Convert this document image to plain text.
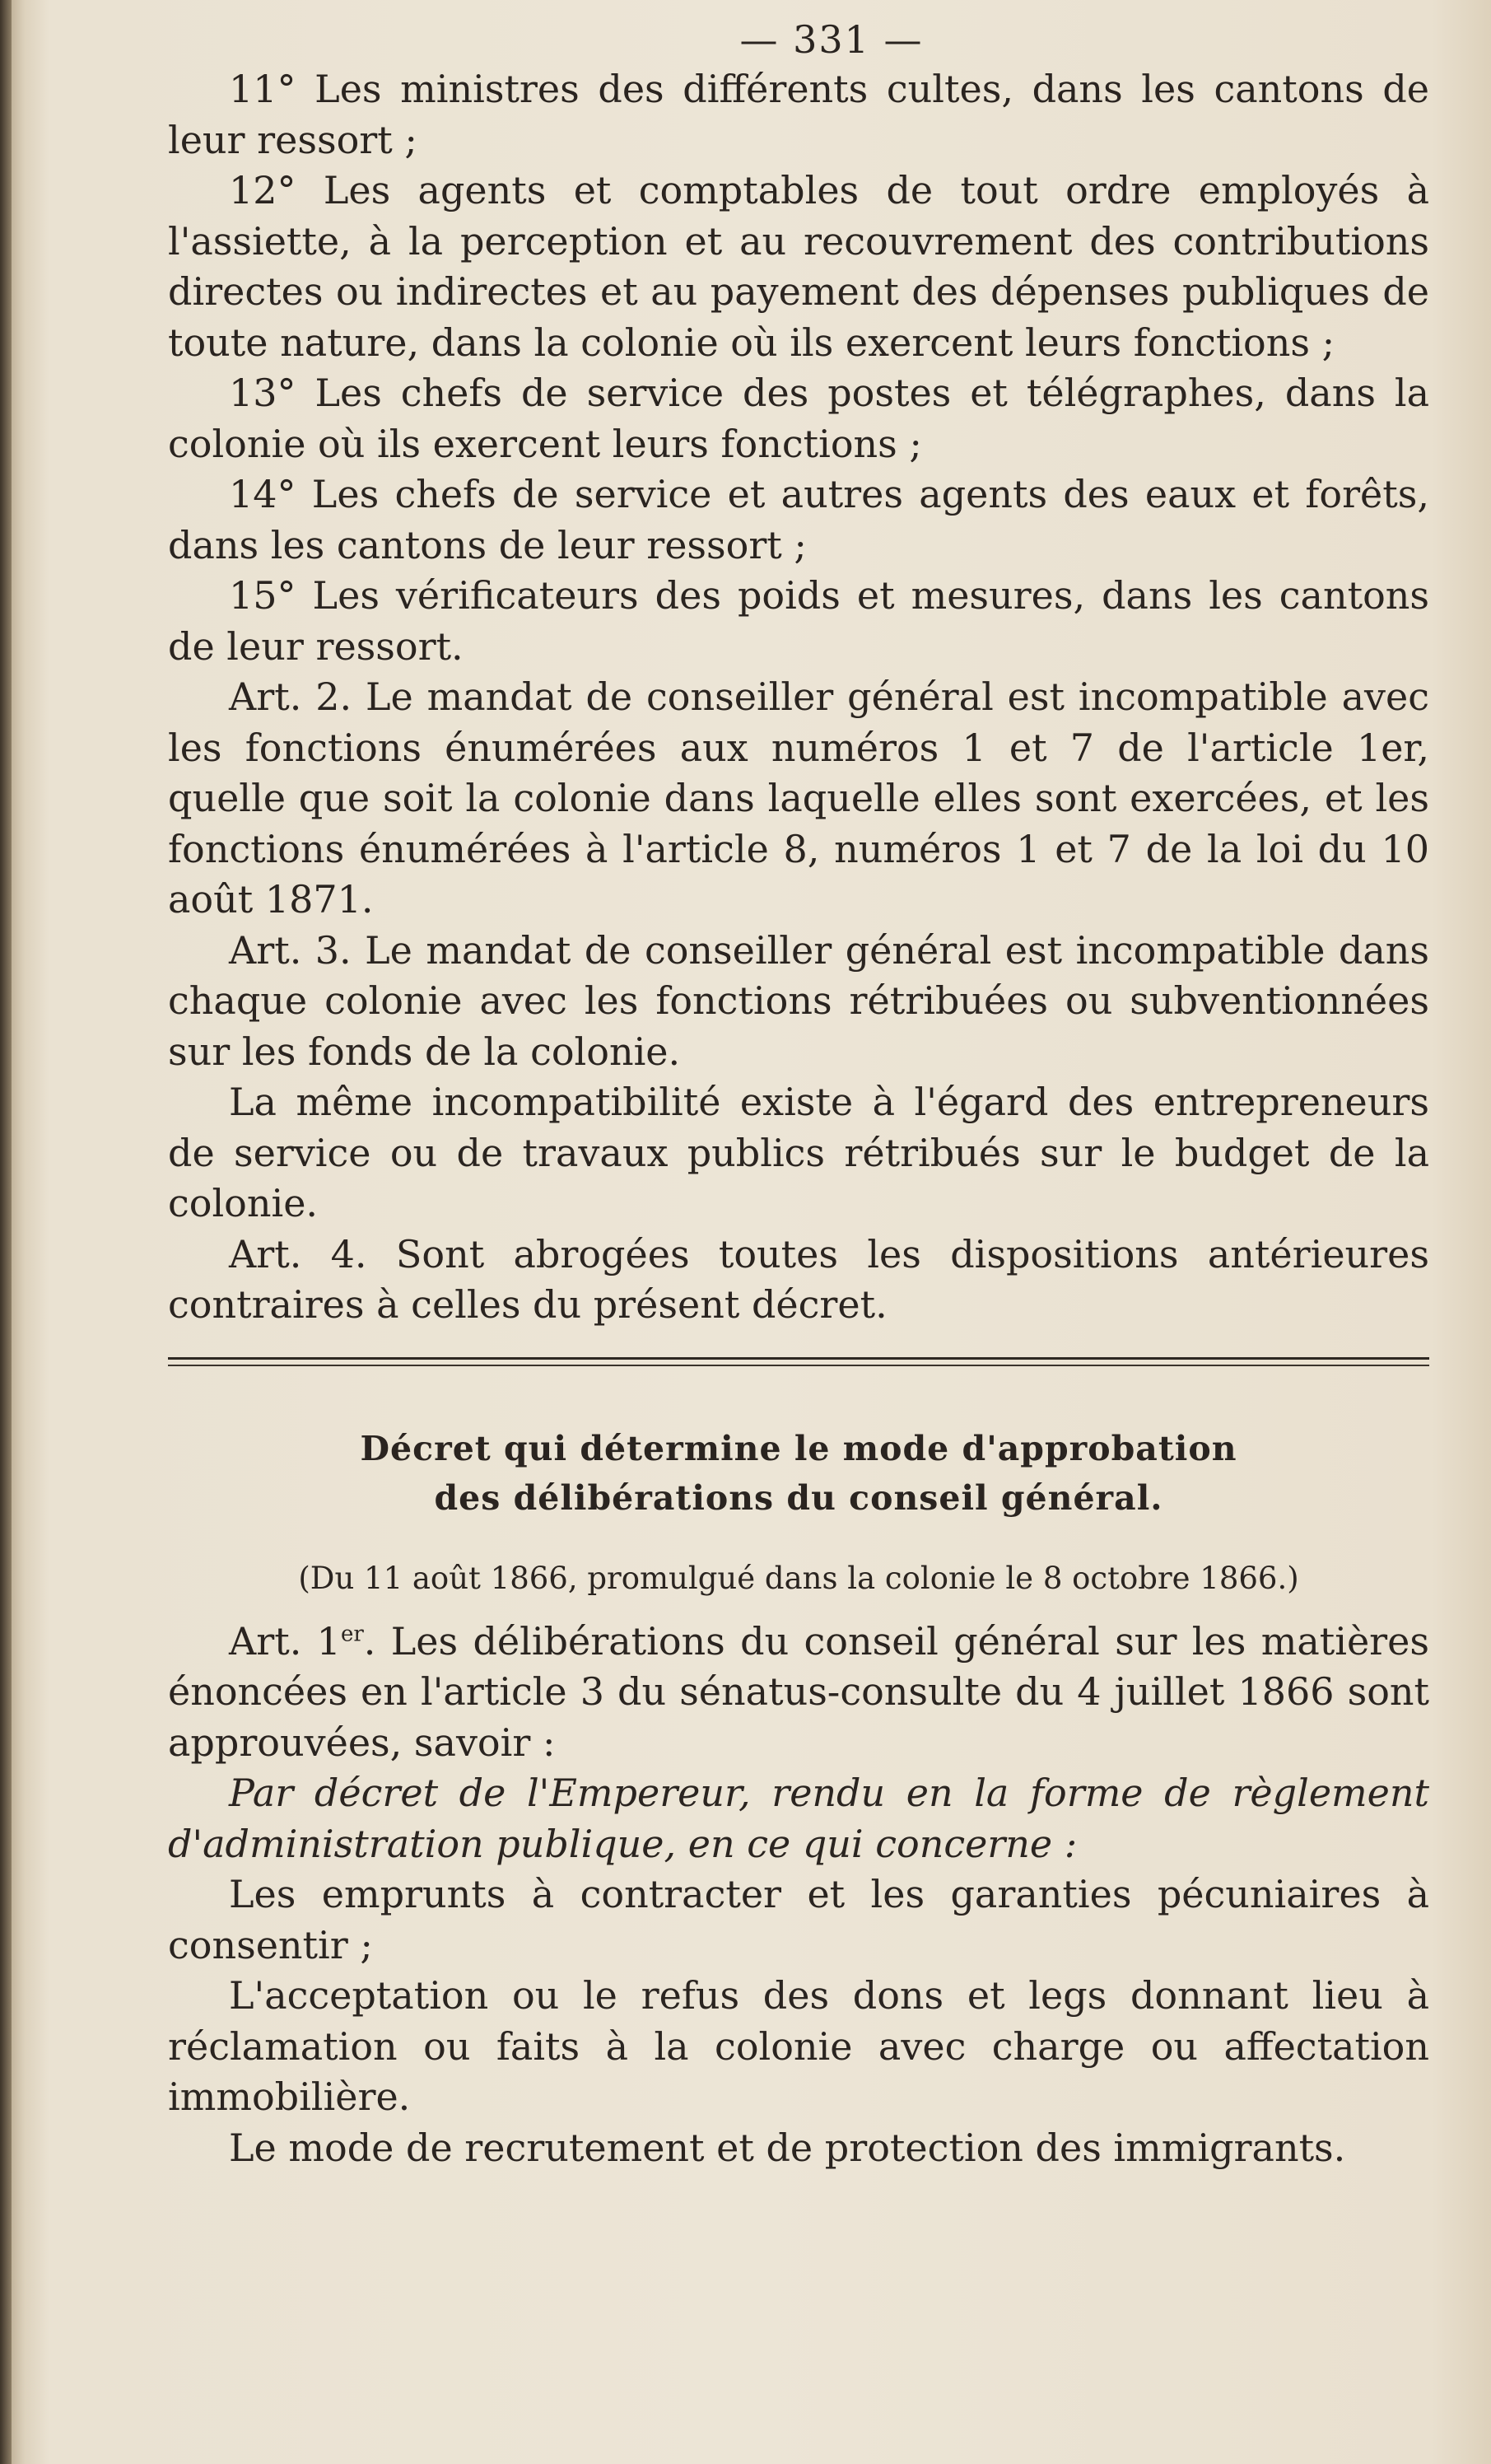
— 331 —

11° Les ministres des différents cultes, dans les cantons de leur ressort ;

12° Les agents et comptables de tout ordre employés à l'assiette, à la perception et au recouvrement des contributions directes ou indirectes et au payement des dépenses publiques de toute nature, dans la colonie où ils exercent leurs fonctions ;

13° Les chefs de service des postes et télégraphes, dans la colonie où ils exercent leurs fonctions ;

14° Les chefs de service et autres agents des eaux et forêts, dans les cantons de leur ressort ;

15° Les vérificateurs des poids et mesures, dans les cantons de leur ressort.

Art. 2. Le mandat de conseiller général est incompatible avec les fonctions énumérées aux numéros 1 et 7 de l'article 1er, quelle que soit la colonie dans laquelle elles sont exercées, et les fonctions énumérées à l'article 8, numéros 1 et 7 de la loi du 10 août 1871.

Art. 3. Le mandat de conseiller général est incompatible dans chaque colonie avec les fonctions rétribuées ou subventionnées sur les fonds de la colonie.

La même incompatibilité existe à l'égard des entrepreneurs de service ou de travaux publics rétribués sur le budget de la colonie.

Art. 4. Sont abrogées toutes les dispositions antérieures contraires à celles du présent décret.

Décret qui détermine le mode d'approbation
des délibérations du conseil général.
(Du 11 août 1866, promulgué dans la colonie le 8 octobre 1866.)

Art. 1er. Les délibérations du conseil général sur les matières énoncées en l'article 3 du sénatus-consulte du 4 juillet 1866 sont approuvées, savoir :

Par décret de l'Empereur, rendu en la forme de règlement d'administration publique, en ce qui concerne :

Les emprunts à contracter et les garanties pécuniaires à consentir ;

L'acceptation ou le refus des dons et legs donnant lieu à réclamation ou faits à la colonie avec charge ou affectation immobilière.

Le mode de recrutement et de protection des immigrants.
